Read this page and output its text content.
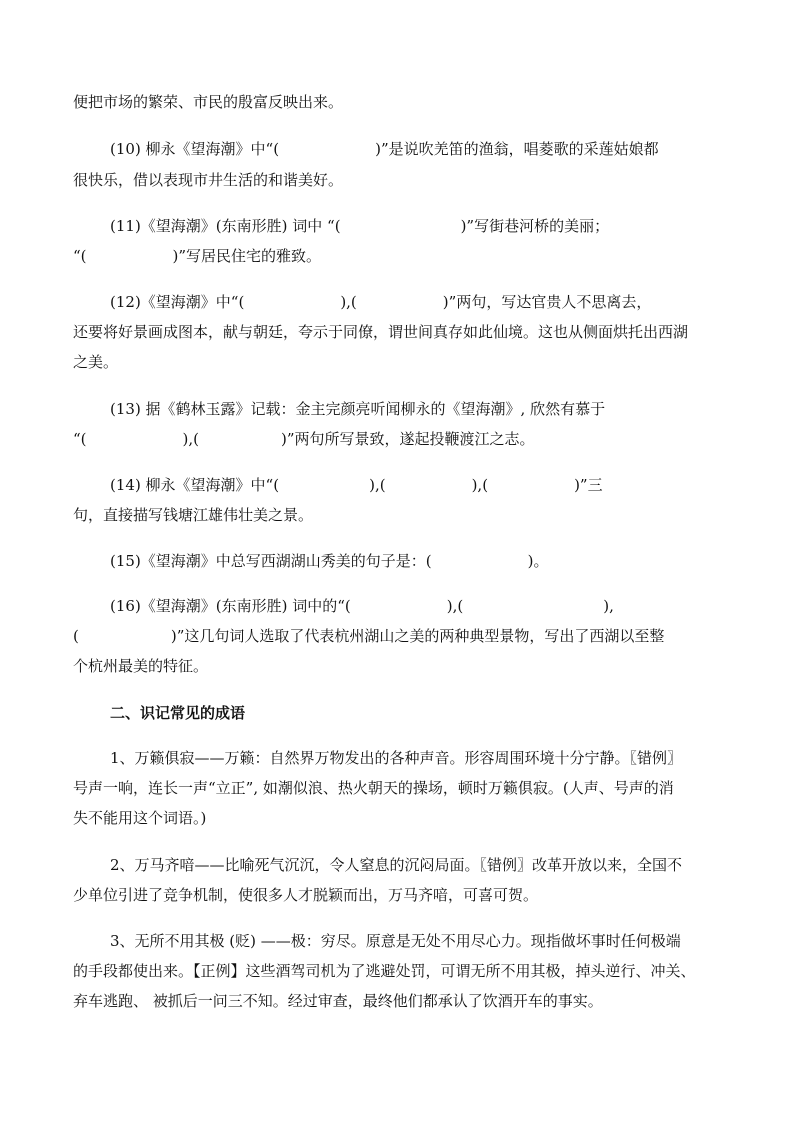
便把市场的繁荣、市民的殷富反映出来。
(10) 柳永《望海潮》中“(	)”是说吹羌笛的渔翁，唱菱歌的采莲姑娘都
很快乐，借以表现市井生活的和谐美好。
(11)《望海潮》(东南形胜) 词中 “(	)”写街巷河桥的美丽；
“(	)”写居民住宅的雅致。
(12)《望海潮》中“(	),(	)”两句，写达官贵人不思离去，
还要将好景画成图本，献与朝廷，夸示于同僚，谓世间真存如此仙境。这也从侧面烘托出西湖
之美。
(13) 据《鹤林玉露》记载：金主完颜亮听闻柳永的《望海潮》, 欣然有慕于
“(	),(	)”两句所写景致，遂起投鞭渡江之志。
(14) 柳永《望海潮》中“(	),(	),(	)”三
句，直接描写钱塘江雄伟壮美之景。
(15)《望海潮》中总写西湖湖山秀美的句子是：(	)。
(16)《望海潮》(东南形胜) 词中的“(	),(	),
(	)”这几句词人选取了代表杭州湖山之美的两种典型景物，写出了西湖以至整
个杭州最美的特征。
二、识记常见的成语
1、万籁俱寂——万籁：自然界万物发出的各种声音。形容周围环境十分宁静。〖错例〗
号声一响，连长一声“立正”, 如潮似浪、热火朝天的操场，顿时万籁俱寂。(人声、号声的消
失不能用这个词语。)
2、万马齐喑——比喻死气沉沉，令人窒息的沉闷局面。〖错例〗改革开放以来，全国不
少单位引进了竞争机制，使很多人才脱颖而出，万马齐喑，可喜可贺。
3、无所不用其极 (贬) ——极：穷尽。原意是无处不用尽心力。现指做坏事时任何极端
的手段都使出来。【正例】这些酒驾司机为了逃避处罚，可谓无所不用其极，掉头逆行、冲关、
弃车逃跑、 被抓后一问三不知。经过审查，最终他们都承认了饮酒开车的事实。
